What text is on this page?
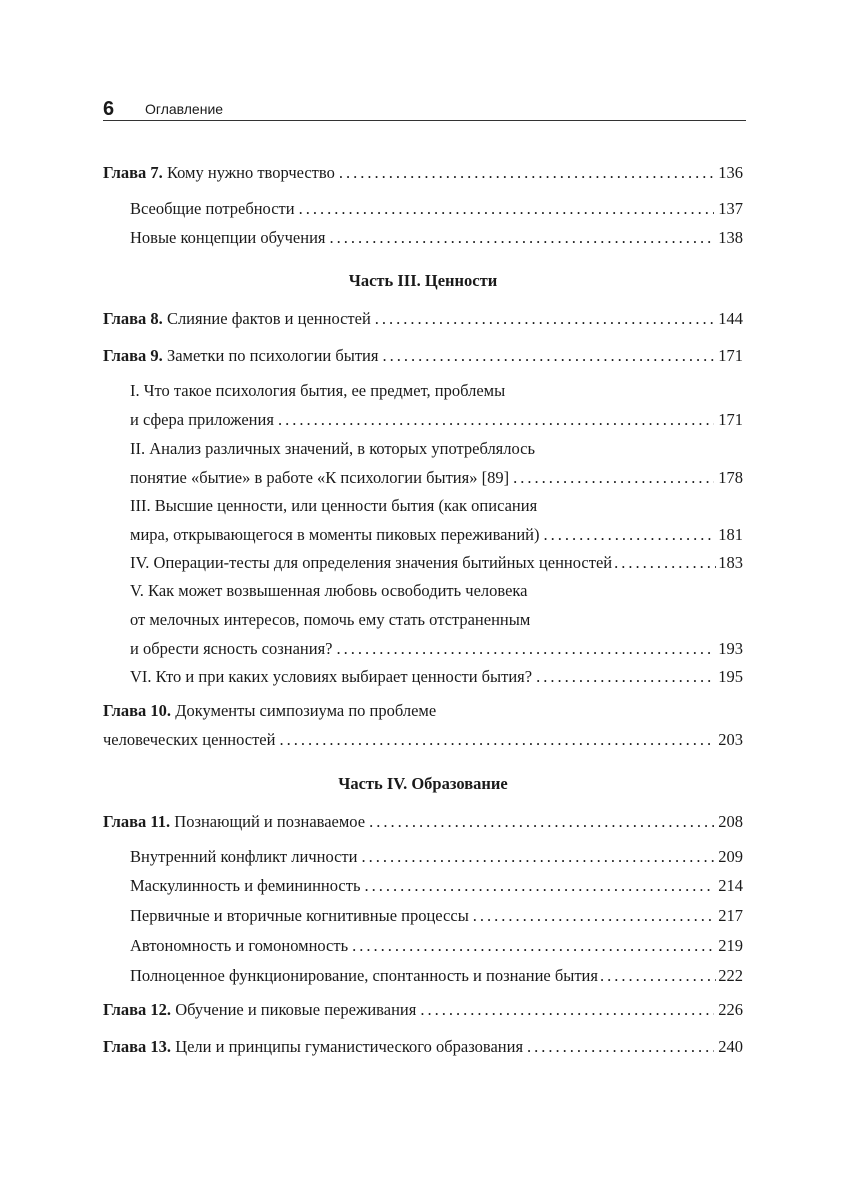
6 Оглавление
Глава 7.
Кому нужно творчество .....	136
Всеобщие потребности .....	137
Новые концепции обучения .....	138
Часть III. Ценности
Глава 8.
Слияние фактов и ценностей .....	144
Глава 9.
Заметки по психологии бытия .....	171
I. Что такое психология бытия, ее предмет, проблемы
и сфера приложения .....	171
II. Анализ различных значений, в которых употреблялось
понятие «бытие» в работе «К психологии бытия» [89] .....	178
III. Высшие ценности, или ценности бытия (как описания
мира, открывающегося в моменты пиковых переживаний) .....	181
IV. Операции-тесты для определения значения бытийных ценностей .....	183
V. Как может возвышенная любовь освободить человека
от мелочных интересов, помочь ему стать отстраненным
и обрести ясность сознания? .....	193
VI. Кто и при каких условиях выбирает ценности бытия? .....	195
Глава 10.
Документы симпозиума по проблеме
человеческих ценностей .....	203
Часть IV. Образование
Глава 11.
Познающий и познаваемое .....	208
Внутренний конфликт личности .....	209
Маскулинность и фемининность .....	214
Первичные и вторичные когнитивные процессы .....	217
Автономность и гомономность .....	219
Полноценное функционирование, спонтанность и познание бытия .....	222
Глава 12.
Обучение и пиковые переживания .....	226
Глава 13.
Цели и принципы гуманистического образования .....	240
